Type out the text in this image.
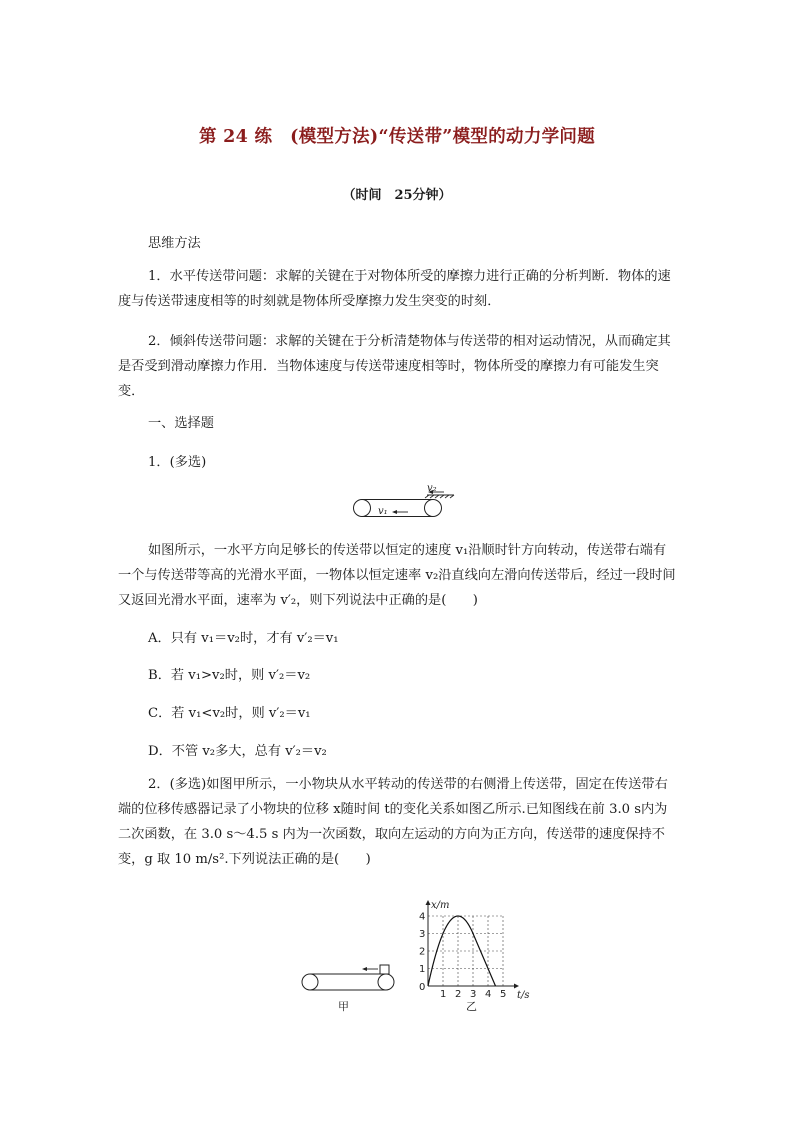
第 24 练　(模型方法)“传送带”模型的动力学问题
（时间　25分钟）
思维方法

1．水平传送带问题：求解的关键在于对物体所受的摩擦力进行正确的分析判断．物体的速度与传送带速度相等的时刻就是物体所受摩擦力发生突变的时刻．

2．倾斜传送带问题：求解的关键在于分析清楚物体与传送带的相对运动情况，从而确定其是否受到滑动摩擦力作用．当物体速度与传送带速度相等时，物体所受的摩擦力有可能发生突变．

一、选择题
1．(多选)
v₂
v₁

如图所示，一水平方向足够长的传送带以恒定的速度 v₁沿顺时针方向转动，传送带右端有一个与传送带等高的光滑水平面，一物体以恒定速率 v₂沿直线向左滑向传送带后，经过一段时间又返回光滑水平面，速率为 v′₂，则下列说法中正确的是(　　)

A．只有 v₁＝v₂时，才有 v′₂＝v₁
B．若 v₁>v₂时，则 v′₂＝v₂
C．若 v₁<v₂时，则 v′₂＝v₁
D．不管 v₂多大，总有 v′₂＝v₂

2．(多选)如图甲所示，一小物块从水平转动的传送带的右侧滑上传送带，固定在传送带右端的位移传感器记录了小物块的位移 x随时间 t的变化关系如图乙所示.已知图线在前 3.0 s内为二次函数，在 3.0 s～4.5 s 内为一次函数，取向左运动的方向为正方向，传送带的速度保持不变，g 取 10 m/s².下列说法正确的是(　　)

甲
1 2 3 4 5
1
2
3
4
0
t/s
x/m
乙
